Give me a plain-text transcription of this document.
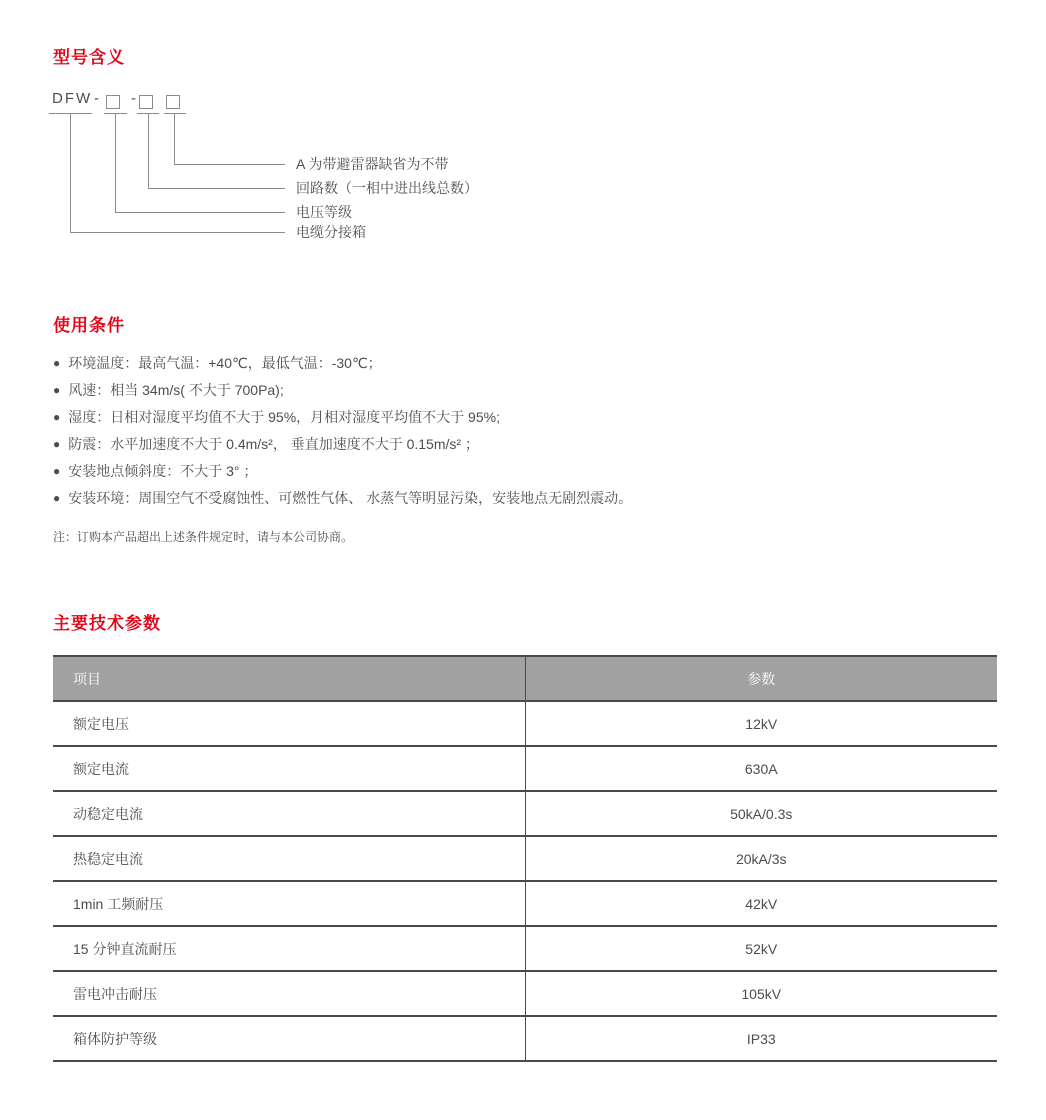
型号含义
使用条件
主要技术参数
DFW - -
A 为带避雷器缺省为不带
回路数（一相中进出线总数）
电压等级
电缆分接箱
● 环境温度：最高气温：+40℃，最低气温：-30℃；
● 风速：相当 34m/s( 不大于 700Pa);
● 湿度：日相对湿度平均值不大于 95%，月相对湿度平均值不大于 95%;
● 防震：水平加速度不大于 0.4m/s²， 垂直加速度不大于 0.15m/s² ；
● 安装地点倾斜度：不大于 3° ；
● 安装环境：周围空气不受腐蚀性、可燃性气体、 水蒸气等明显污染，安装地点无剧烈震动。
注：订购本产品超出上述条件规定时，请与本公司协商。
项目	参数
额定电压	12kV
额定电流	630A
动稳定电流	50kA/0.3s
热稳定电流	20kA/3s
1min 工频耐压	42kV
15 分钟直流耐压	52kV
雷电冲击耐压	105kV
箱体防护等级	IP33
